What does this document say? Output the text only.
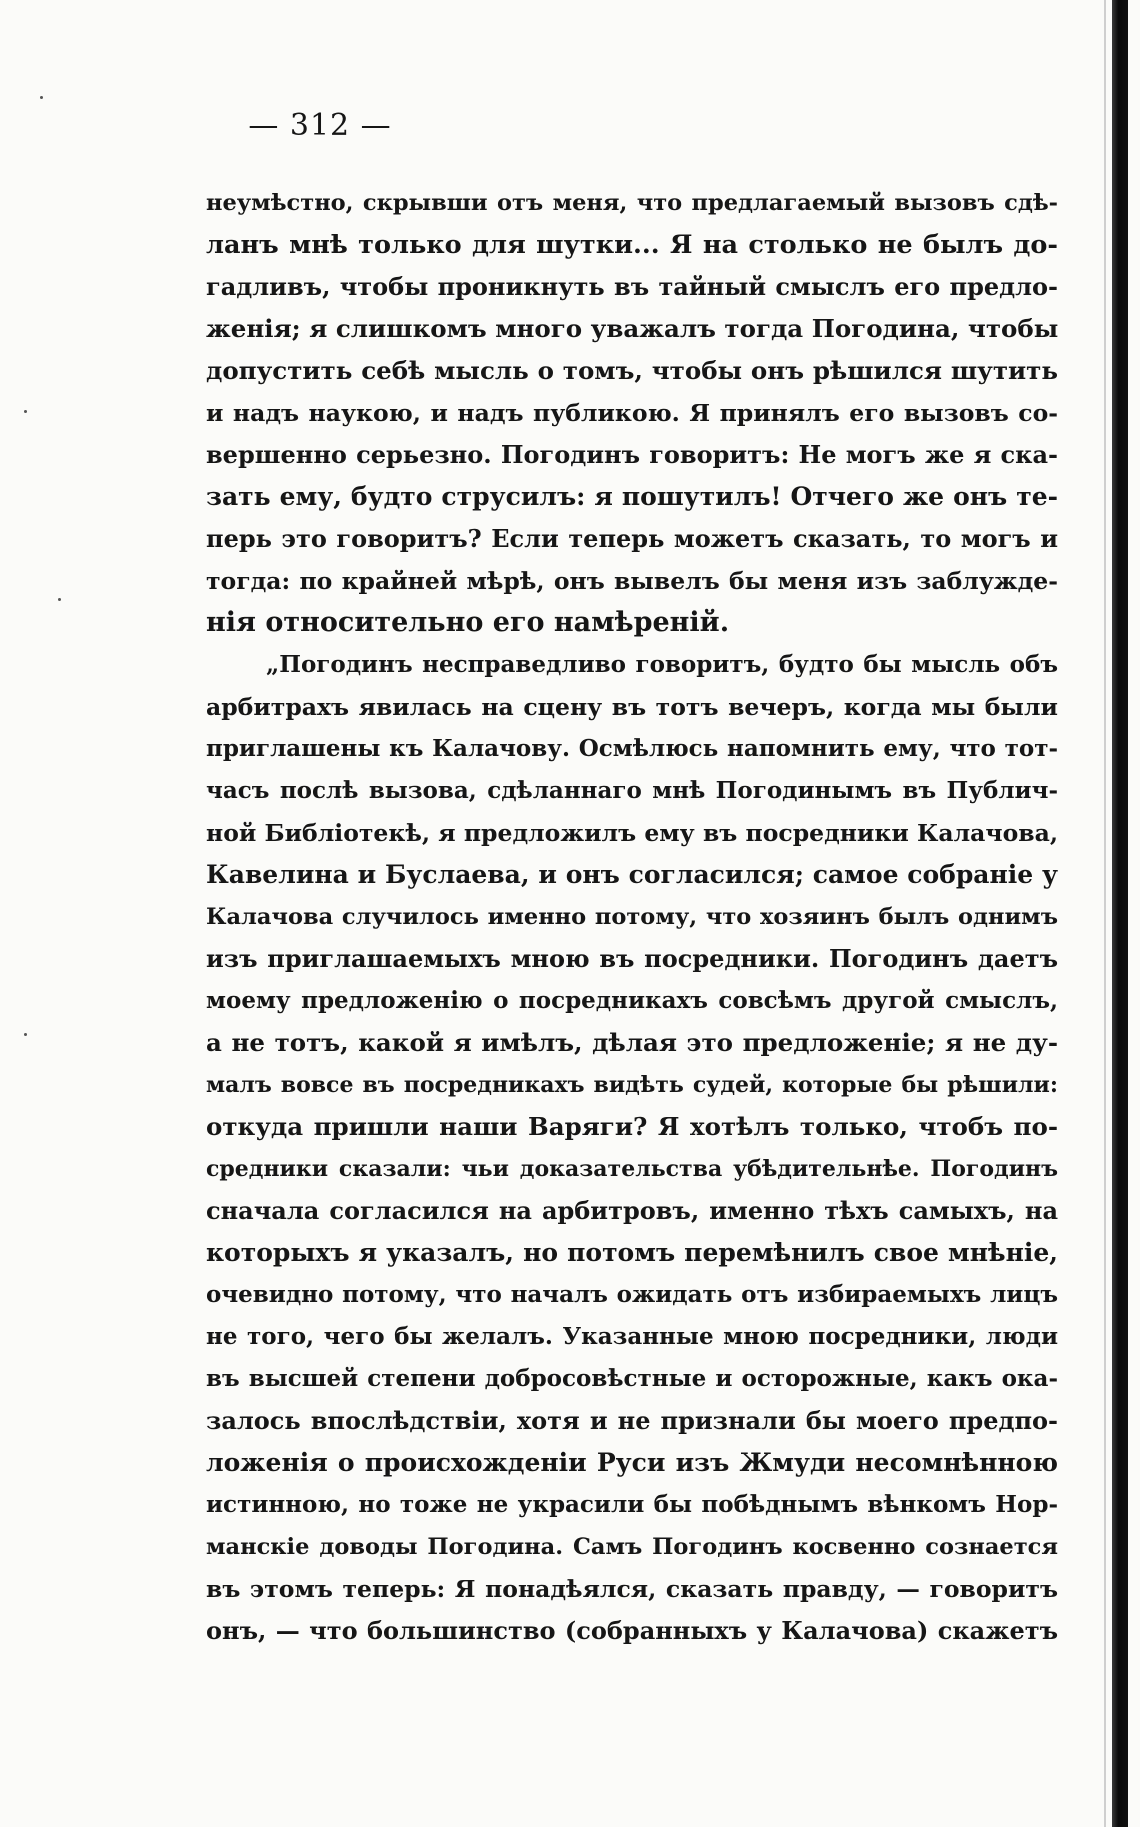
— 312 —
неумѣстно, скрывши отъ меня, что предлагаемый вызовъ сдѣ-
ланъ мнѣ только для шутки... Я на столько не былъ до-
гадливъ, чтобы проникнуть въ тайный смыслъ его предло-
женія; я слишкомъ много уважалъ тогда Погодина, чтобы
допустить себѣ мысль о томъ, чтобы онъ рѣшился шутить
и надъ наукою, и надъ публикою. Я принялъ его вызовъ со-
вершенно серьезно. Погодинъ говоритъ: Не могъ же я ска-
зать ему, будто струсилъ: я пошутилъ! Отчего же онъ те-
перь это говоритъ? Если теперь можетъ сказать, то могъ и
тогда: по крайней мѣрѣ, онъ вывелъ бы меня изъ заблужде-
нія относительно его намѣреній.
„Погодинъ несправедливо говоритъ, будто бы мысль объ
арбитрахъ явилась на сцену въ тотъ вечеръ, когда мы были
приглашены къ Калачову. Осмѣлюсь напомнить ему, что тот-
часъ послѣ вызова, сдѣланнаго мнѣ Погодинымъ въ Публич-
ной Библіотекѣ, я предложилъ ему въ посредники Калачова,
Кавелина и Буслаева, и онъ согласился; самое собраніе у
Калачова случилось именно потому, что хозяинъ былъ однимъ
изъ приглашаемыхъ мною въ посредники. Погодинъ даетъ
моему предложенію о посредникахъ совсѣмъ другой смыслъ,
а не тотъ, какой я имѣлъ, дѣлая это предложеніе; я не ду-
малъ вовсе въ посредникахъ видѣть судей, которые бы рѣшили:
откуда пришли наши Варяги? Я хотѣлъ только, чтобъ по-
средники сказали: чьи доказательства убѣдительнѣе. Погодинъ
сначала согласился на арбитровъ, именно тѣхъ самыхъ, на
которыхъ я указалъ, но потомъ перемѣнилъ свое мнѣніе,
очевидно потому, что началъ ожидать отъ избираемыхъ лицъ
не того, чего бы желалъ. Указанные мною посредники, люди
въ высшей степени добросовѣстные и осторожные, какъ ока-
залось впослѣдствіи, хотя и не признали бы моего предпо-
ложенія о происхожденіи Руси изъ Жмуди несомнѣнною
истинною, но тоже не украсили бы побѣднымъ вѣнкомъ Нор-
манскіе доводы Погодина. Самъ Погодинъ косвенно сознается
въ этомъ теперь: Я понадѣялся, сказать правду, — говоритъ
онъ, — что большинство (собранныхъ у Калачова) скажетъ
